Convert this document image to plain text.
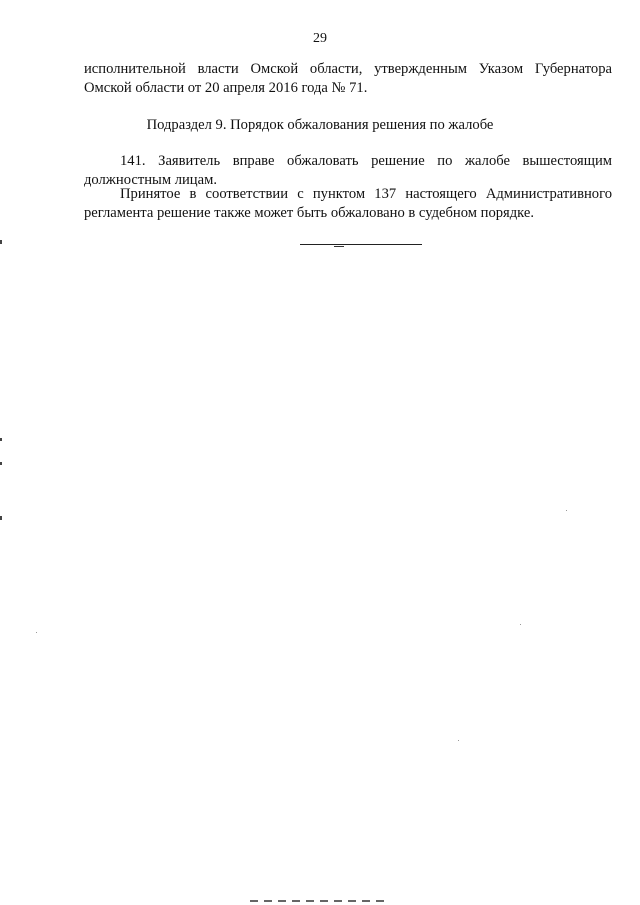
29

исполнительной власти Омской области, утвержденным Указом Губернатора Омской области от 20 апреля 2016 года № 71.

Подраздел 9. Порядок обжалования решения по жалобе

141. Заявитель вправе обжаловать решение по жалобе вышестоящим должностным лицам.

Принятое в соответствии с пунктом 137 настоящего Административного регламента решение также может быть обжаловано в судебном порядке.
